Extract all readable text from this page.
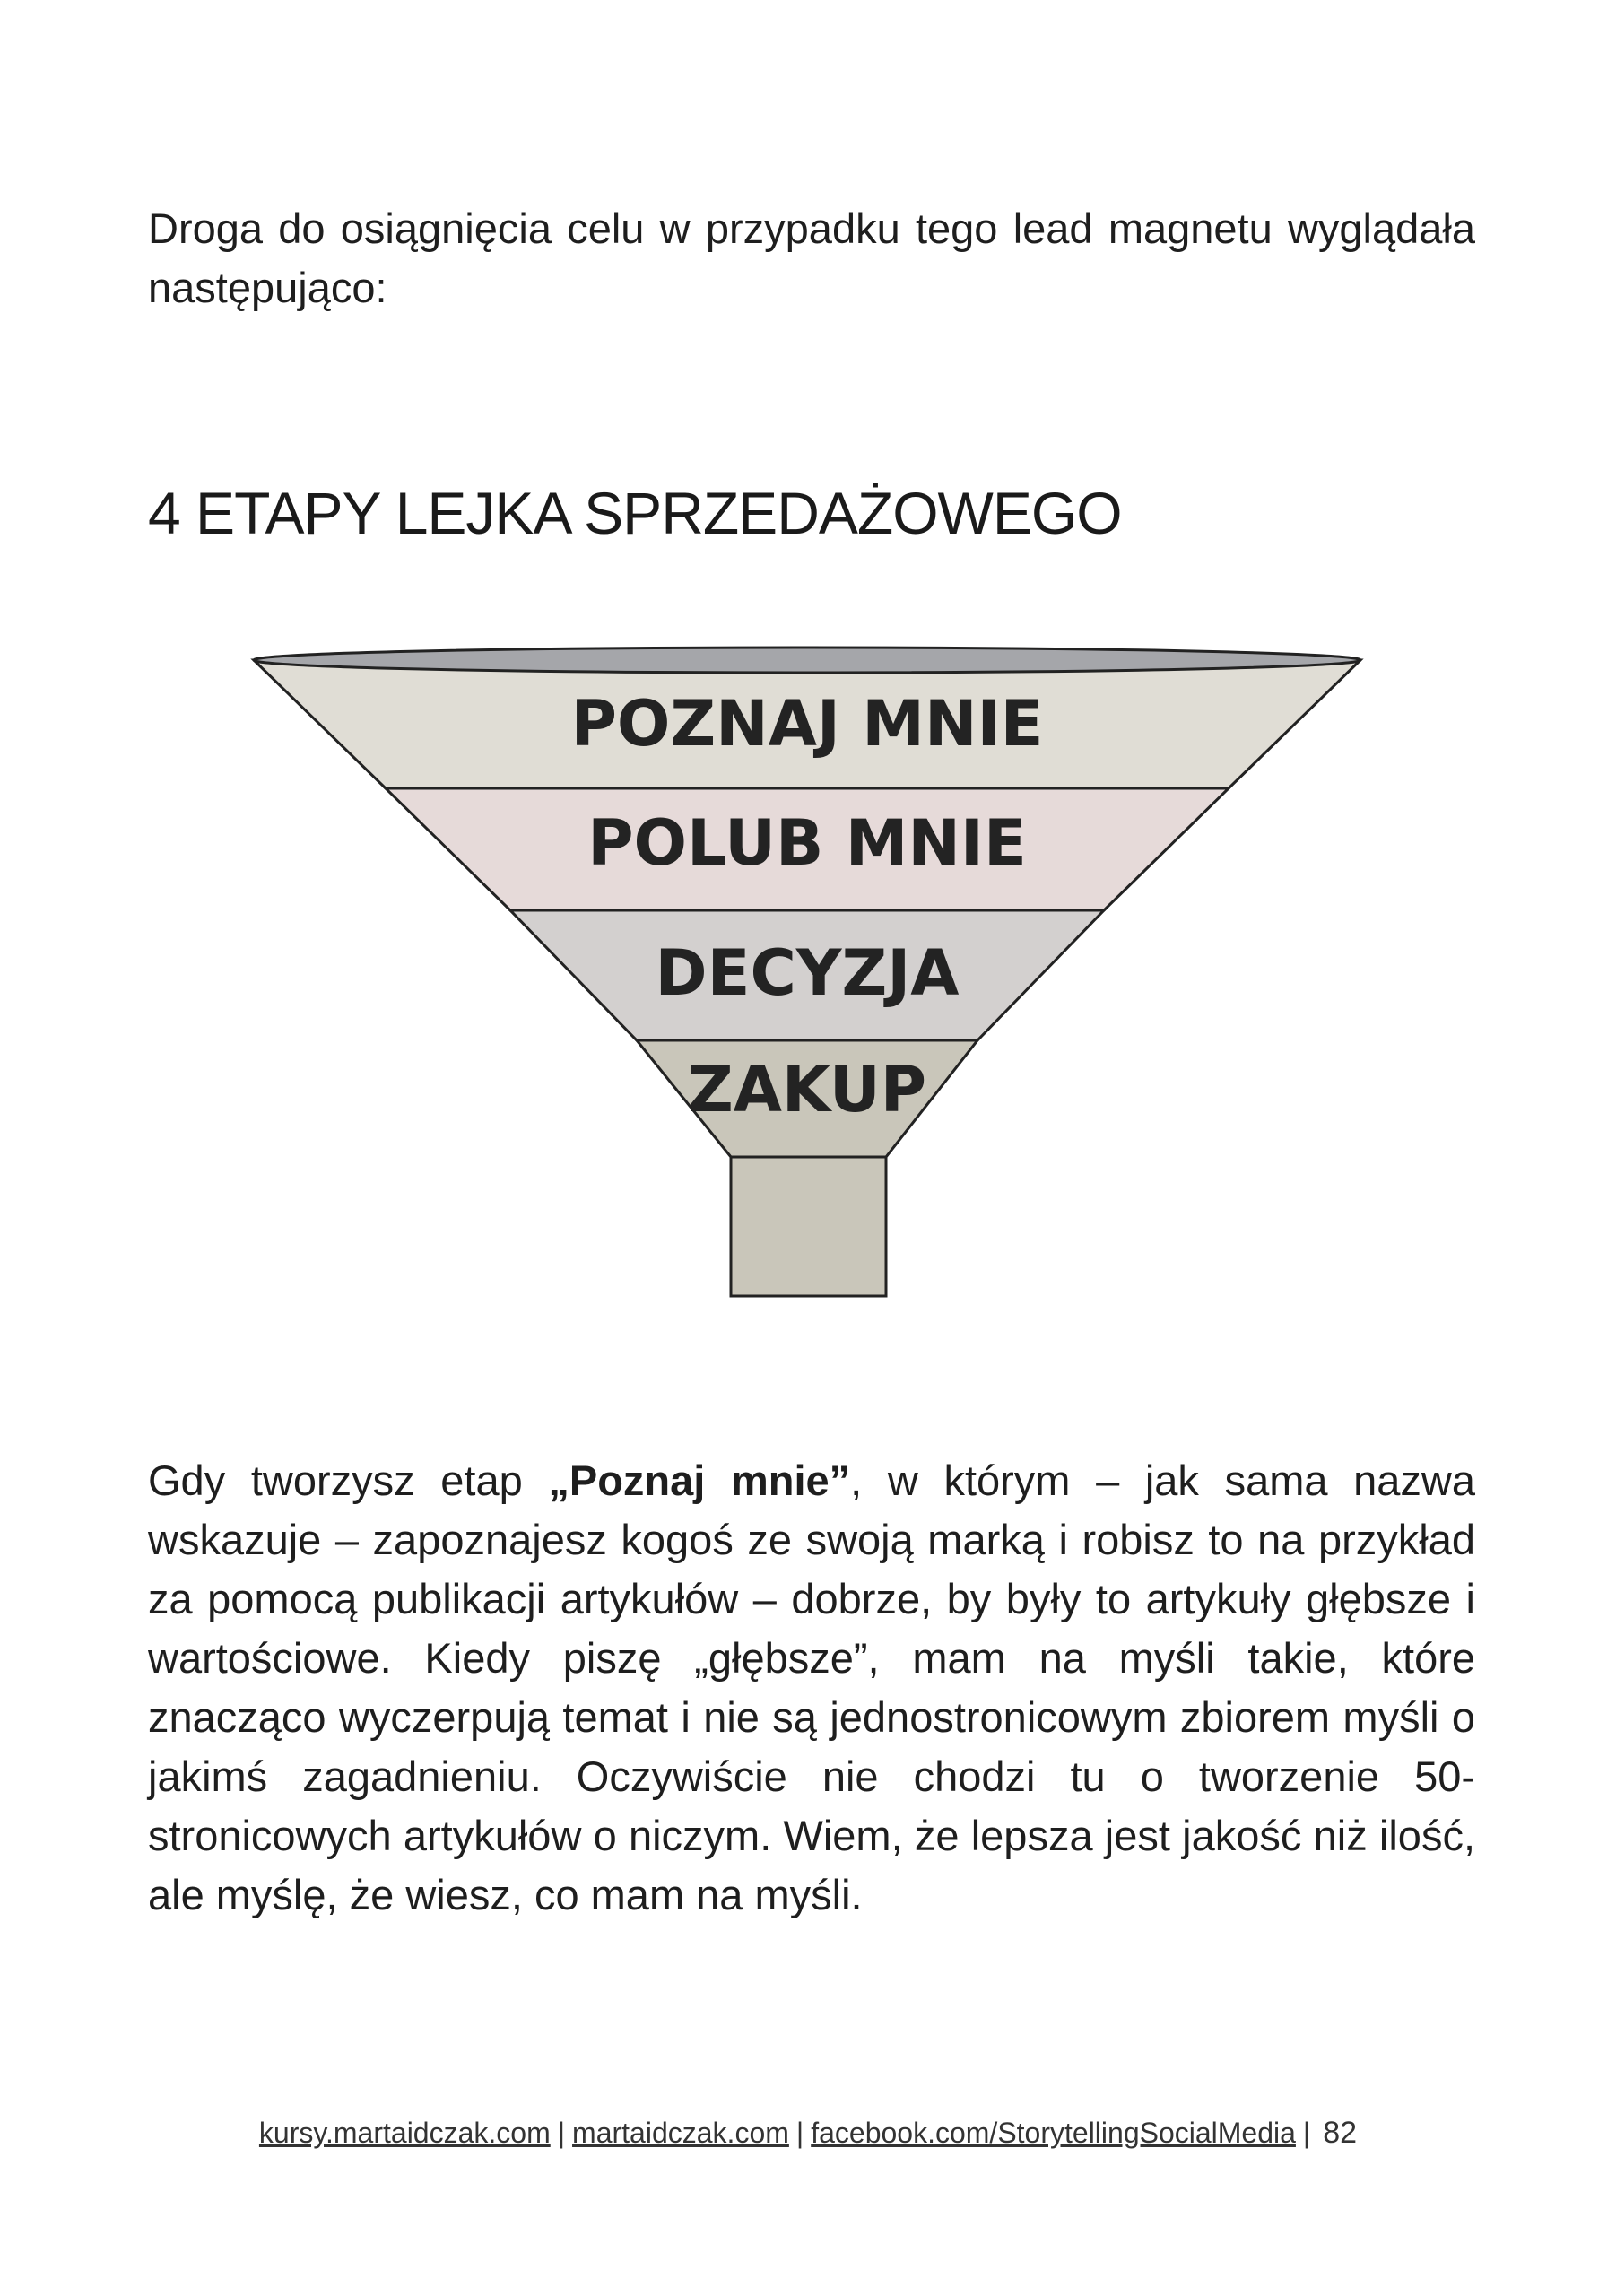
Droga do osiągnięcia celu w przypadku tego lead magnetu wyglądała następująco:
4 ETAPY LEJKA SPRZEDAŻOWEGO
POZNAJ MNIE
POLUB MNIE
DECYZJA
ZAKUP
Gdy tworzysz etap „Poznaj mnie”, w którym – jak sama nazwa wskazuje – zapoznajesz kogoś ze swoją marką i robisz to na przykład za pomocą publikacji artykułów – dobrze, by były to artykuły głębsze i wartościowe. Kiedy piszę „głębsze”, mam na myśli takie, które znacząco wyczerpują temat i nie są jednostronicowym zbiorem myśli o jakimś zagadnieniu. Oczywiście nie chodzi tu o tworzenie 50-stronicowych artykułów o niczym. Wiem, że lepsza jest jakość niż ilość, ale myślę, że wiesz, co mam na myśli.
kursy.martaidczak.com | martaidczak.com | facebook.com/StorytellingSocialMedia | 82
